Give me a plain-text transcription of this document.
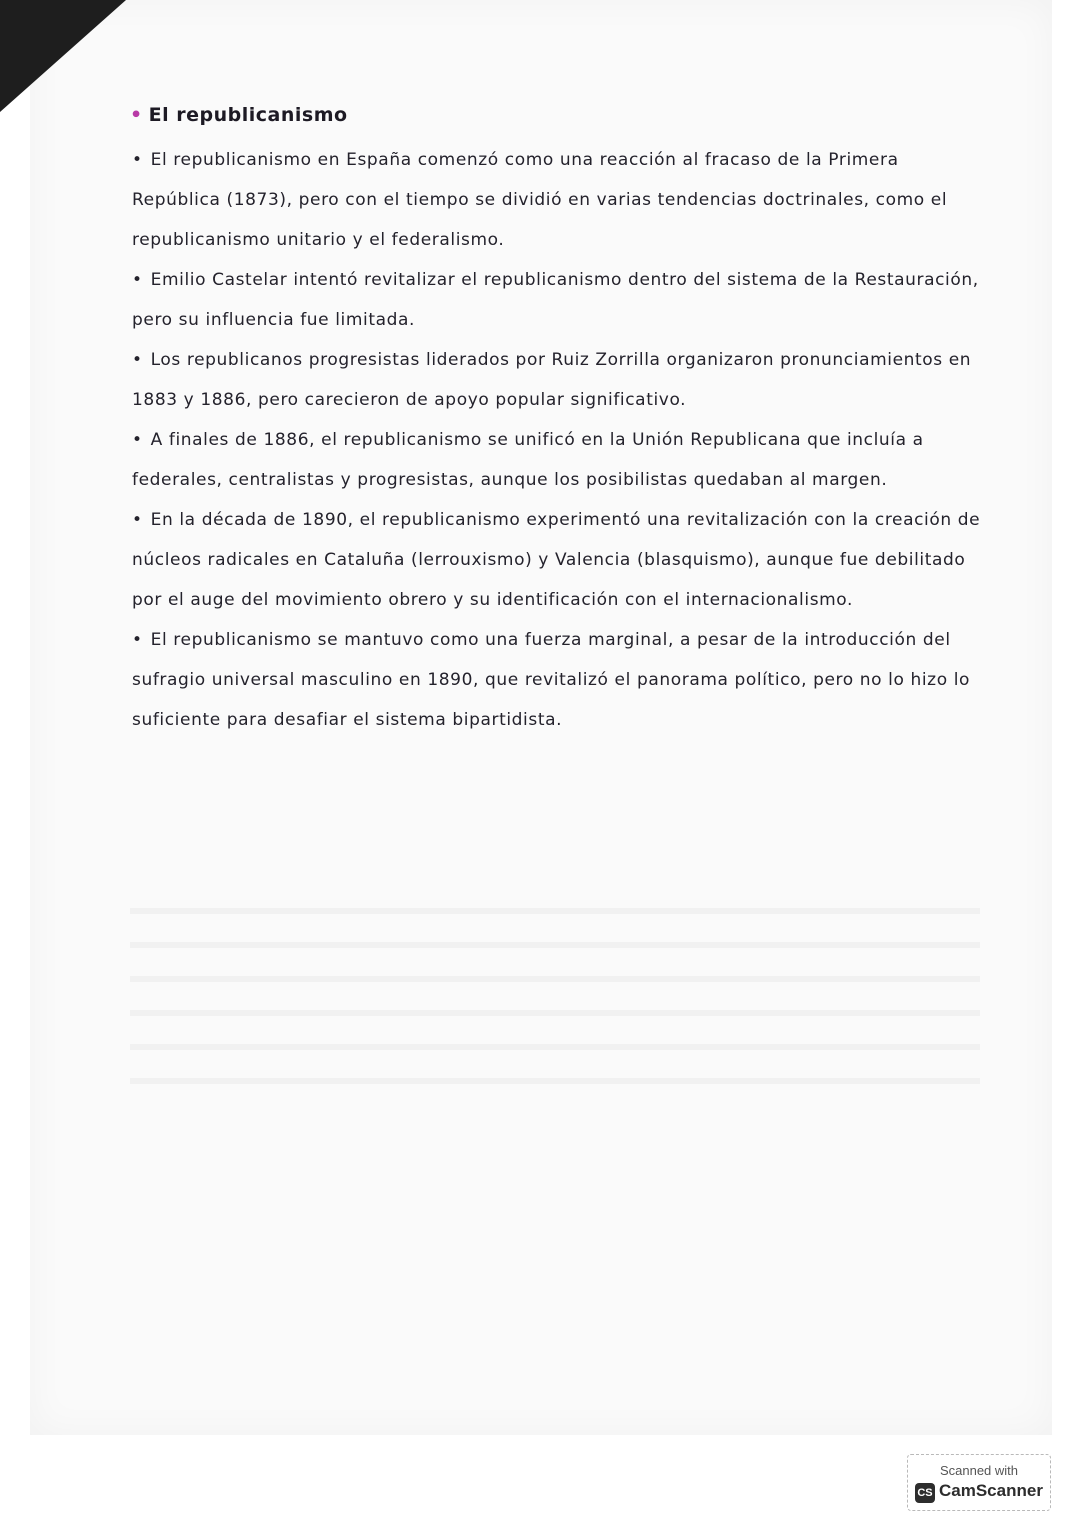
• El republicanismo

• El republicanismo en España comenzó como una reacción al fracaso de la Primera República (1873), pero con el tiempo se dividió en varias tendencias doctrinales, como el republicanismo unitario y el federalismo.

• Emilio Castelar intentó revitalizar el republicanismo dentro del sistema de la Restauración, pero su influencia fue limitada.

• Los republicanos progresistas liderados por Ruiz Zorrilla organizaron pronunciamientos en 1883 y 1886, pero carecieron de apoyo popular significativo.

• A finales de 1886, el republicanismo se unificó en la Unión Republicana que incluía a federales, centralistas y progresistas, aunque los posibilistas quedaban al margen.

• En la década de 1890, el republicanismo experimentó una revitalización con la creación de núcleos radicales en Cataluña (lerrouxismo) y Valencia (blasquismo), aunque fue debilitado por el auge del movimiento obrero y su identificación con el internacionalismo.

• El republicanismo se mantuvo como una fuerza marginal, a pesar de la introducción del sufragio universal masculino en 1890, que revitalizó el panorama político, pero no lo hizo lo suficiente para desafiar el sistema bipartidista.

Scanned with
CS CamScanner
